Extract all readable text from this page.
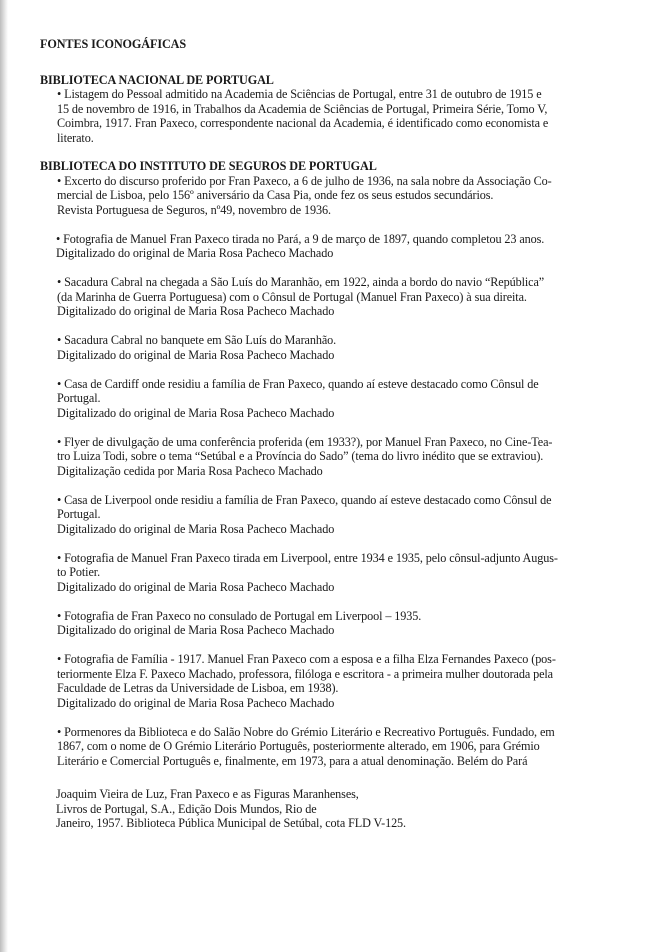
FONTES ICONOGÁFICAS
BIBLIOTECA NACIONAL DE PORTUGAL
• Listagem do Pessoal admitido na Academia de Sciências de Portugal, entre 31 de outubro de 1915 e
15 de novembro de 1916, in Trabalhos da Academia de Sciências de Portugal, Primeira Série, Tomo V,
Coimbra, 1917. Fran Paxeco, correspondente nacional da Academia, é identificado como economista e
literato.
BIBLIOTECA DO INSTITUTO DE SEGUROS DE PORTUGAL
• Excerto do discurso proferido por Fran Paxeco, a 6 de julho de 1936, na sala nobre da Associação Co-
mercial de Lisboa, pelo 156º aniversário da Casa Pia, onde fez os seus estudos secundários.
Revista Portuguesa de Seguros, nº49, novembro de 1936.
• Fotografia de Manuel Fran Paxeco tirada no Pará, a 9 de março de 1897, quando completou 23 anos.
Digitalizado do original de Maria Rosa Pacheco Machado
• Sacadura Cabral na chegada a São Luís do Maranhão, em 1922, ainda a bordo do navio “República”
(da Marinha de Guerra Portuguesa) com o Cônsul de Portugal (Manuel Fran Paxeco) à sua direita.
Digitalizado do original de Maria Rosa Pacheco Machado
• Sacadura Cabral no banquete em São Luís do Maranhão.
Digitalizado do original de Maria Rosa Pacheco Machado
• Casa de Cardiff onde residiu a família de Fran Paxeco, quando aí esteve destacado como Cônsul de
Portugal.
Digitalizado do original de Maria Rosa Pacheco Machado
• Flyer de divulgação de uma conferência proferida (em 1933?), por Manuel Fran Paxeco, no Cine-Tea-
tro Luiza Todi, sobre o tema “Setúbal e a Província do Sado” (tema do livro inédito que se extraviou).
Digitalização cedida por Maria Rosa Pacheco Machado
• Casa de Liverpool onde residiu a família de Fran Paxeco, quando aí esteve destacado como Cônsul de
Portugal.
Digitalizado do original de Maria Rosa Pacheco Machado
• Fotografia de Manuel Fran Paxeco tirada em Liverpool, entre 1934 e 1935, pelo cônsul-adjunto Augus-
to Potier.
Digitalizado do original de Maria Rosa Pacheco Machado
• Fotografia de Fran Paxeco no consulado de Portugal em Liverpool – 1935.
Digitalizado do original de Maria Rosa Pacheco Machado
• Fotografia de Família - 1917. Manuel Fran Paxeco com a esposa e a filha Elza Fernandes Paxeco (pos-
teriormente Elza F. Paxeco Machado, professora, filóloga e escritora - a primeira mulher doutorada pela
Faculdade de Letras da Universidade de Lisboa, em 1938).
Digitalizado do original de Maria Rosa Pacheco Machado
• Pormenores da Biblioteca e do Salão Nobre do Grémio Literário e Recreativo Português. Fundado, em
1867, com o nome de O Grémio Literário Português, posteriormente alterado, em 1906, para Grémio
Literário e Comercial Português e, finalmente, em 1973, para a atual denominação. Belém do Pará
Joaquim Vieira de Luz, Fran Paxeco e as Figuras Maranhenses,
Livros de Portugal, S.A., Edição Dois Mundos, Rio de
Janeiro, 1957. Biblioteca Pública Municipal de Setúbal, cota FLD V-125.
